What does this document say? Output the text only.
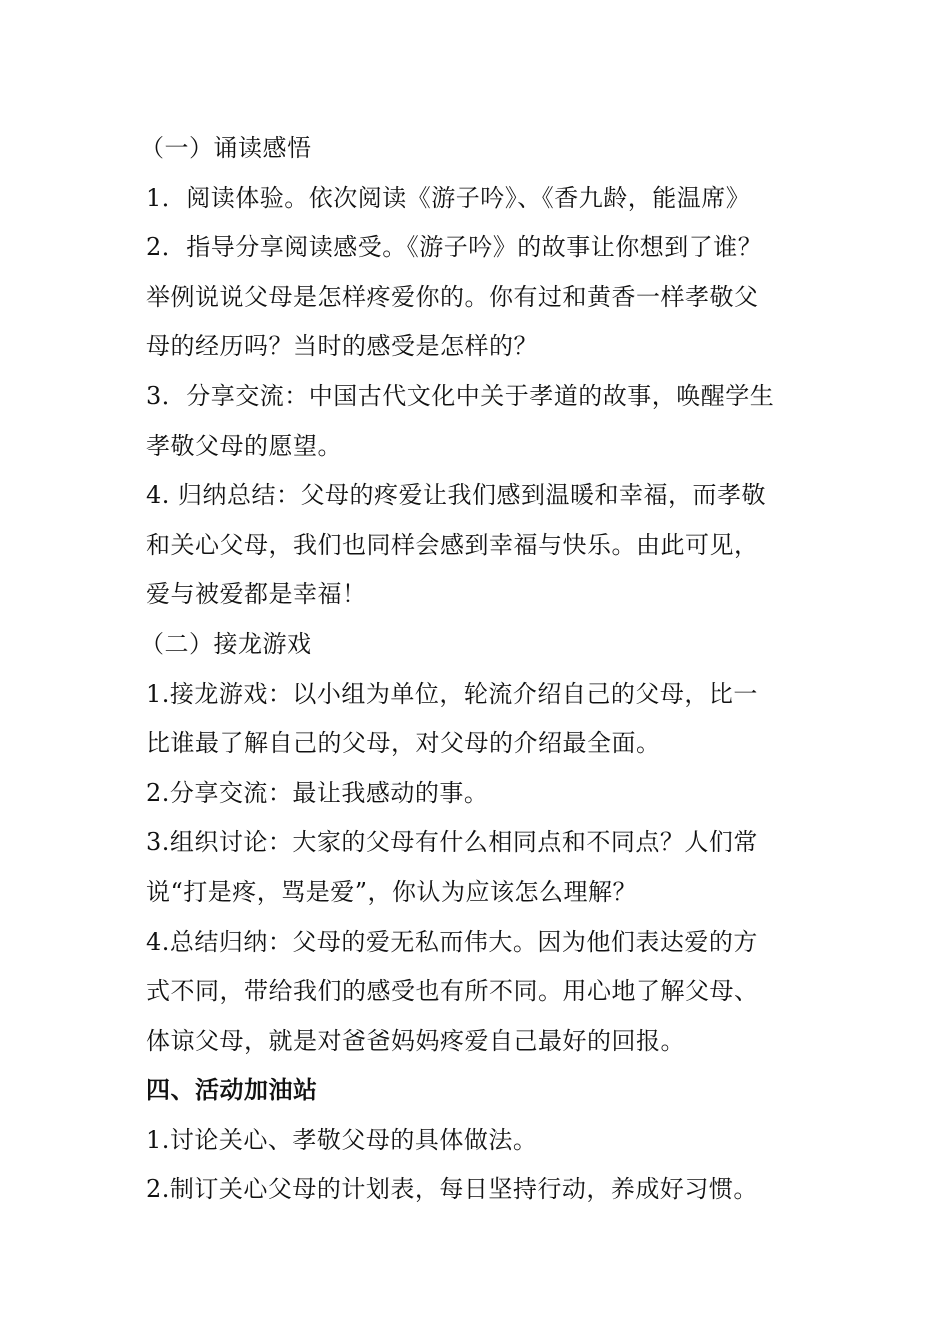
（一）诵读感悟
1．阅读体验。依次阅读《游子吟》、《香九龄，能温席》
2．指导分享阅读感受。《游子吟》的故事让你想到了谁？
举例说说父母是怎样疼爱你的。你有过和黄香一样孝敬父
母的经历吗？当时的感受是怎样的？
3．分享交流：中国古代文化中关于孝道的故事，唤醒学生
孝敬父母的愿望。
4. 归纳总结：父母的疼爱让我们感到温暖和幸福，而孝敬
和关心父母，我们也同样会感到幸福与快乐。由此可见，
爱与被爱都是幸福！
（二）接龙游戏
1.接龙游戏：以小组为单位，轮流介绍自己的父母，比一
比谁最了解自己的父母，对父母的介绍最全面。
2.分享交流：最让我感动的事。
3.组织讨论：大家的父母有什么相同点和不同点？人们常
说“打是疼，骂是爱”，你认为应该怎么理解？
4.总结归纳：父母的爱无私而伟大。因为他们表达爱的方
式不同，带给我们的感受也有所不同。用心地了解父母、
体谅父母，就是对爸爸妈妈疼爱自己最好的回报。
四、活动加油站
1.讨论关心、孝敬父母的具体做法。
2.制订关心父母的计划表，每日坚持行动，养成好习惯。
